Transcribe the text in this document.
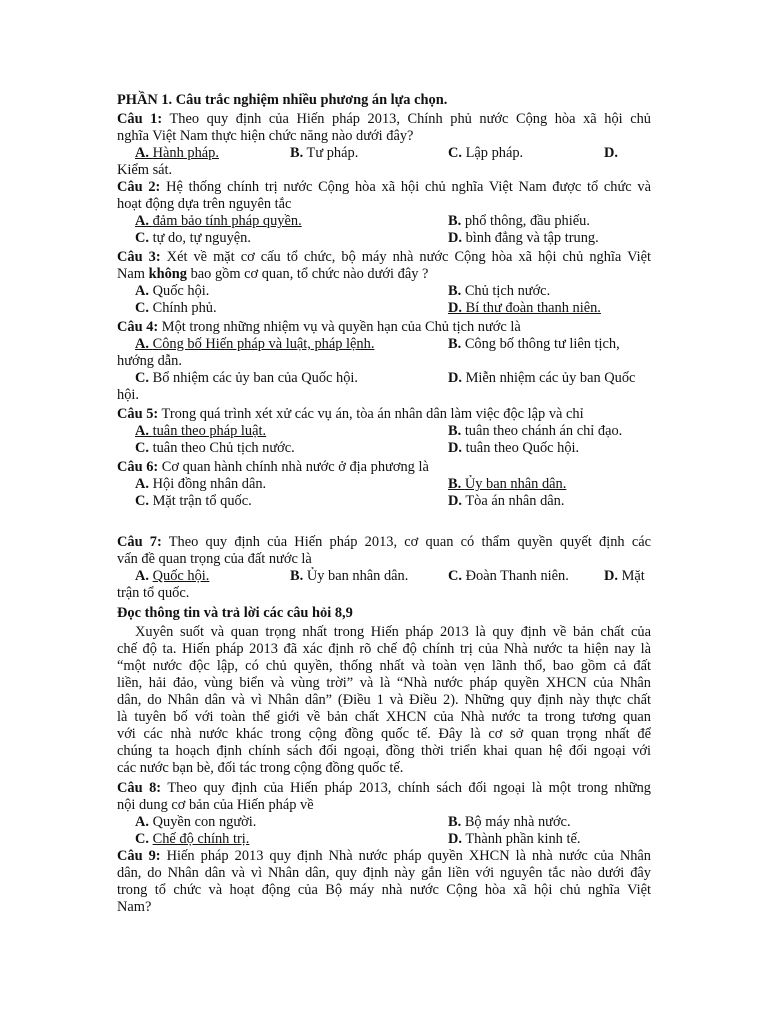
PHẦN 1. Câu trắc nghiệm nhiều phương án lựa chọn.
Câu 1: Theo quy định của Hiến pháp 2013, Chính phủ nước Cộng hòa xã hội chủ
nghĩa Việt Nam thực hiện chức năng nào dưới đây?
A. Hành pháp.	B. Tư pháp.	C. Lập pháp.	D.
Kiểm sát.
Câu 2: Hệ thống chính trị nước Cộng hòa xã hội chủ nghĩa Việt Nam được tổ chức và
hoạt động dựa trên nguyên tắc
A. đảm bảo tính pháp quyền.	B. phổ thông, đầu phiếu.
C. tự do, tự nguyện.	D. bình đẳng và tập trung.
Câu 3: Xét về mặt cơ cấu tổ chức, bộ máy nhà nước Cộng hòa xã hội chủ nghĩa Việt
Nam không bao gồm cơ quan, tổ chức nào dưới đây ?
A. Quốc hội.	B. Chủ tịch nước.
C. Chính phủ.	D. Bí thư đoàn thanh niên.
Câu 4: Một trong những nhiệm vụ và quyền hạn của Chủ tịch nước là
A. Công bố Hiến pháp và luật, pháp lệnh.	B. Công bố thông tư liên tịch,
hướng dẫn.
C. Bổ nhiệm các ủy ban của Quốc hội.	D. Miễn nhiệm các ủy ban Quốc
hội.
Câu 5: Trong quá trình xét xử các vụ án, tòa án nhân dân làm việc độc lập và chỉ
A. tuân theo pháp luật.	B. tuân theo chánh án chỉ đạo.
C. tuân theo Chủ tịch nước.	D. tuân theo Quốc hội.
Câu 6: Cơ quan hành chính nhà nước ở địa phương là
A. Hội đồng nhân dân.	B. Ủy ban nhân dân.
C. Mặt trận tổ quốc.	D. Tòa án nhân dân.
Câu 7: Theo quy định của Hiến pháp 2013, cơ quan có thẩm quyền quyết định các
vấn đề quan trọng của đất nước là
A. Quốc hội.	B. Ủy ban nhân dân.	C. Đoàn Thanh niên. D. Mặt
trận tổ quốc.
Đọc thông tin và trả lời các câu hỏi 8,9
Xuyên suốt và quan trọng nhất trong Hiến pháp 2013 là quy định về bản chất của
chế độ ta. Hiến pháp 2013 đã xác định rõ chế độ chính trị của Nhà nước ta hiện nay là
“một nước độc lập, có chủ quyền, thống nhất và toàn vẹn lãnh thổ, bao gồm cả đất
liền, hải đảo, vùng biển và vùng trời” và là “Nhà nước pháp quyền XHCN của Nhân
dân, do Nhân dân và vì Nhân dân” (Điều 1 và Điều 2). Những quy định này thực chất
là tuyên bố với toàn thể giới về bản chất XHCN của Nhà nước ta trong tương quan
với các nhà nước khác trong cộng đồng quốc tế. Đây là cơ sở quan trọng nhất để
chúng ta hoạch định chính sách đối ngoại, đồng thời triển khai quan hệ đối ngoại với
các nước bạn bè, đối tác trong cộng đồng quốc tế.
Câu 8: Theo quy định của Hiến pháp 2013, chính sách đối ngoại là một trong những
nội dung cơ bản của Hiến pháp về
A. Quyền con người.	B. Bộ máy nhà nước.
C. Chế độ chính trị.	D. Thành phần kinh tế.
Câu 9: Hiến pháp 2013 quy định Nhà nước pháp quyền XHCN là nhà nước của Nhân
dân, do Nhân dân và vì Nhân dân, quy định này gắn liền với nguyên tắc nào dưới đây
trong tổ chức và hoạt động của Bộ máy nhà nước Cộng hòa xã hội chủ nghĩa Việt
Nam?
